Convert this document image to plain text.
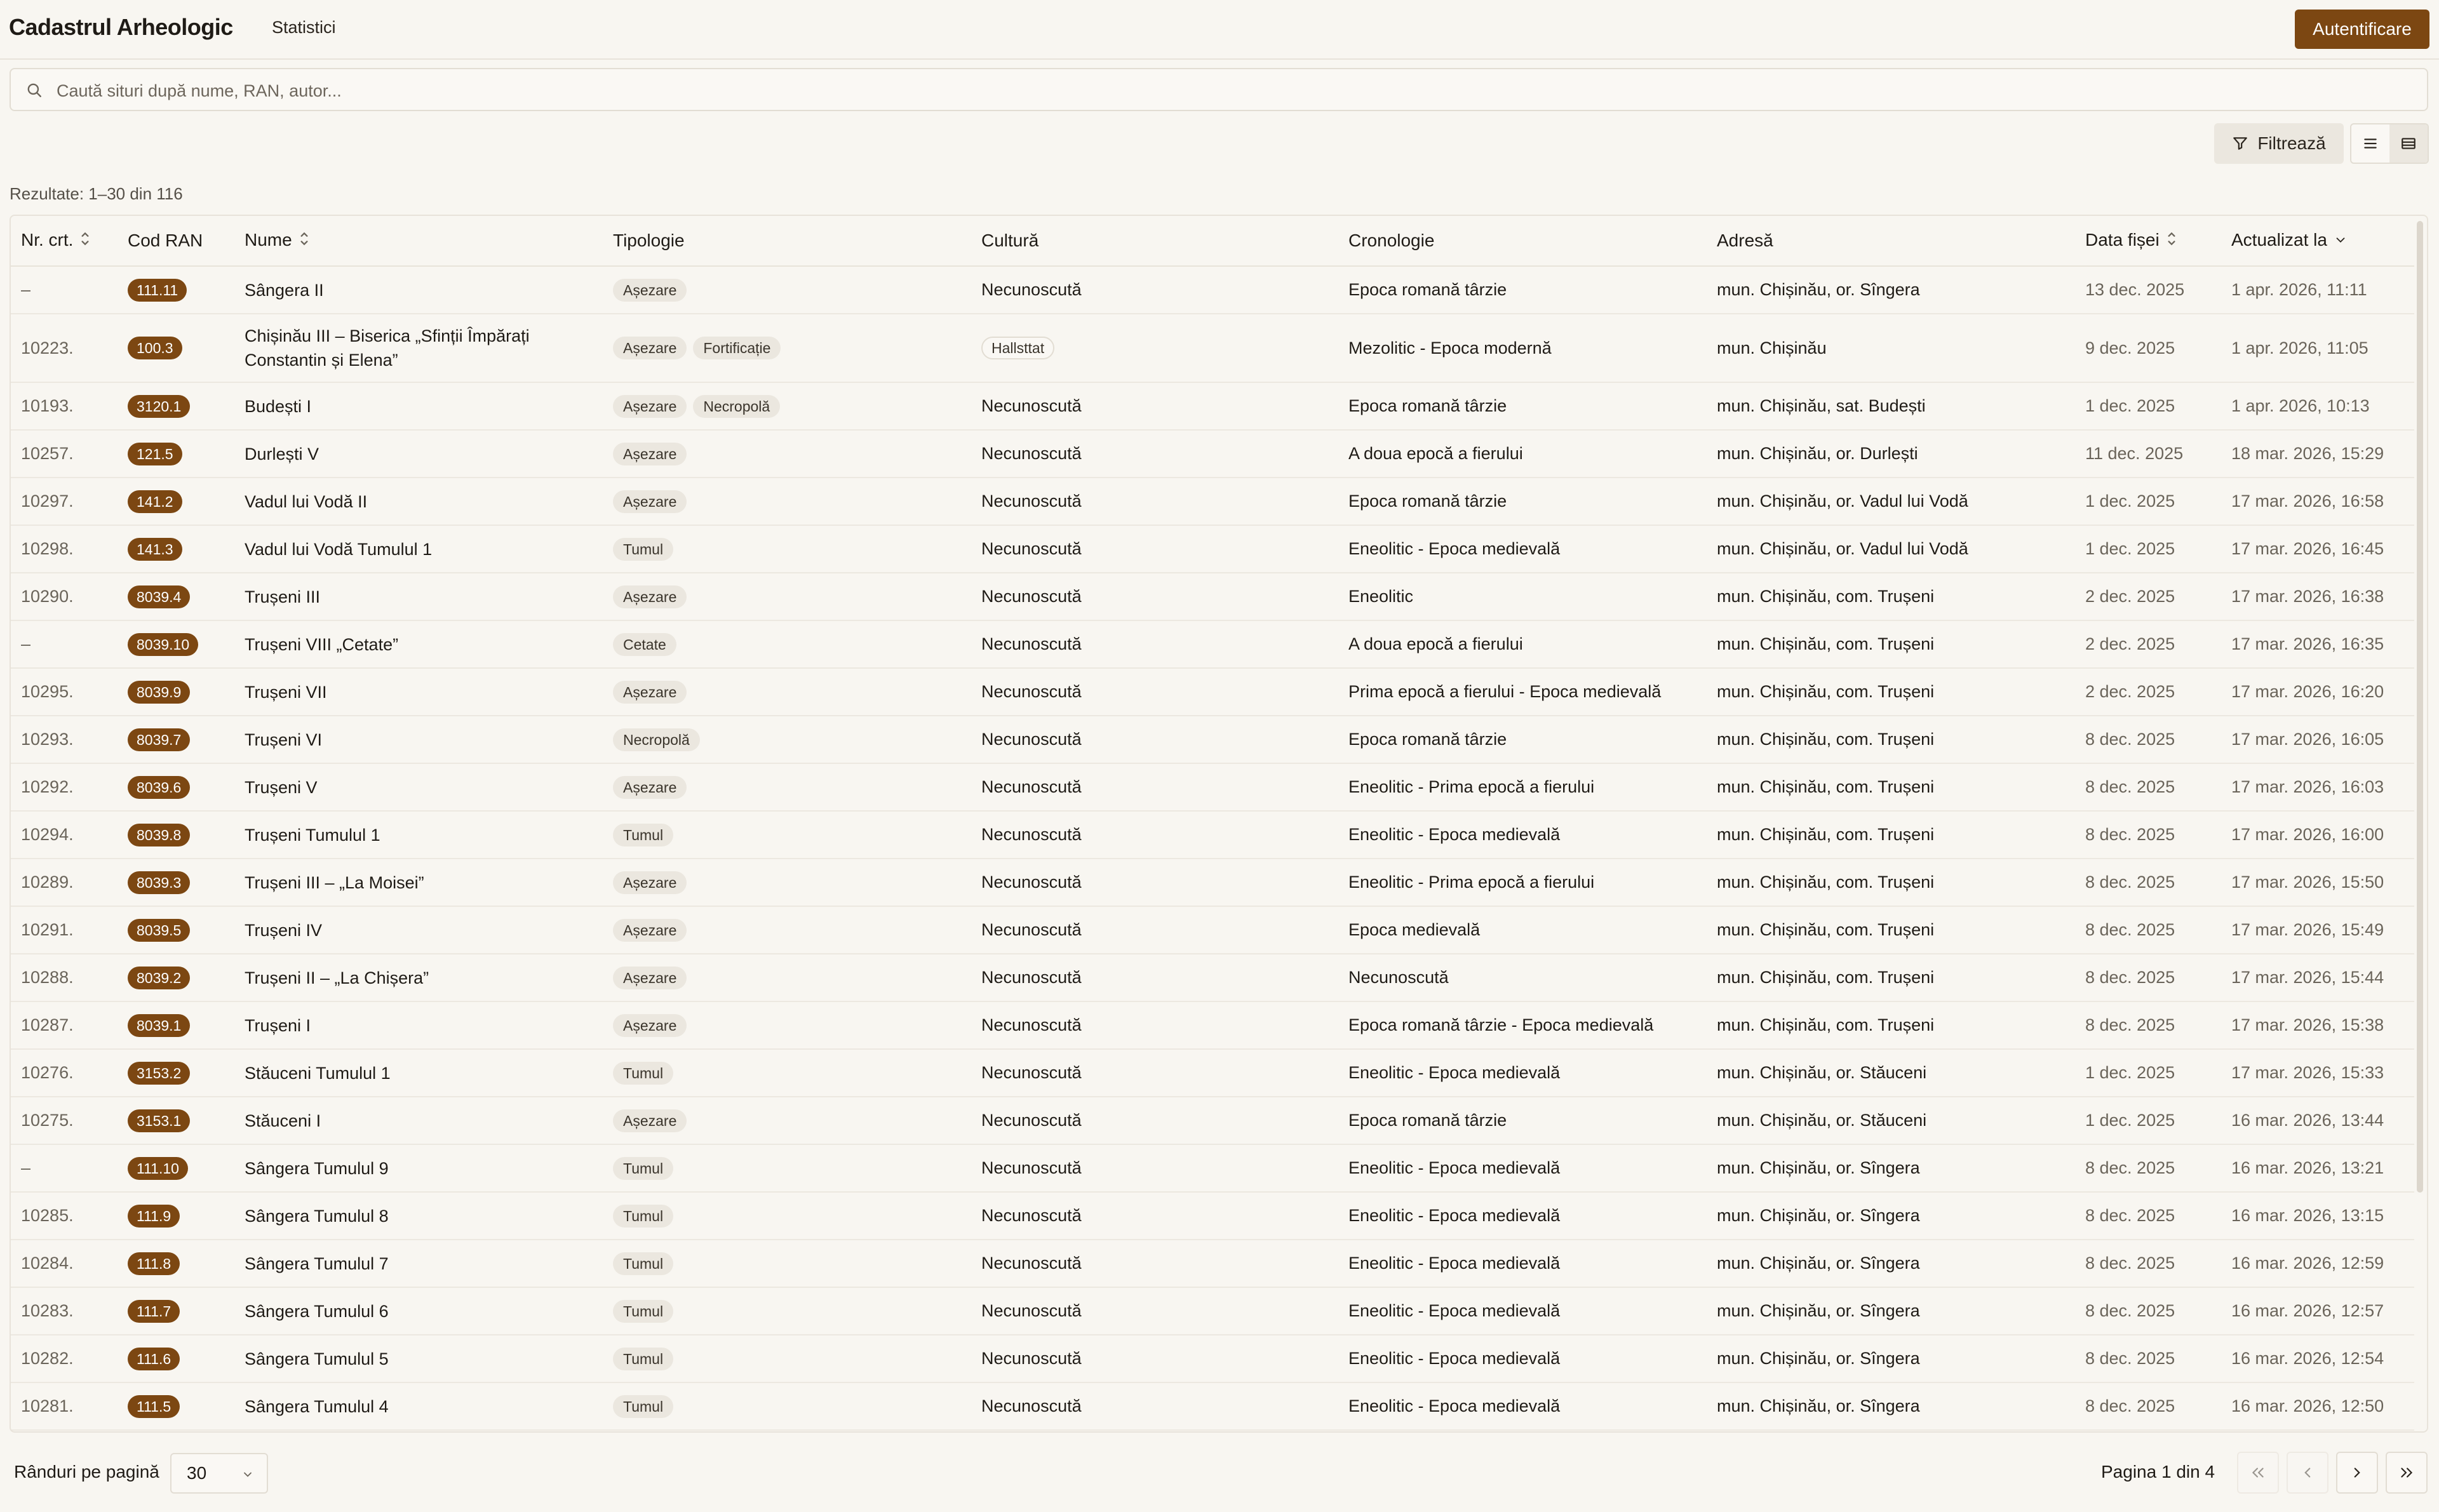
Cadastrul Arheologic Statistici	Autentificare
Caută situri după nume, RAN, autor...
Filtrează
Rezultate: 1–30 din 116
Nr. crt.	Cod RAN	Nume	Tipologie	Cultură	Cronologie	Adresă	Data fișei	Actualizat la
–	111.11	Sângera II	Așezare	Necunoscută	Epoca romană târzie	mun. Chișinău, or. Sîngera	13 dec. 2025	1 apr. 2026, 11:11
10223.	100.3	Chișinău III – Biserica „Sfinții Împărați Constantin și Elena”	Așezare Fortificație	Hallsttat	Mezolitic - Epoca modernă	mun. Chișinău	9 dec. 2025	1 apr. 2026, 11:05
10193.	3120.1	Budești I	Așezare Necropolă	Necunoscută	Epoca romană târzie	mun. Chișinău, sat. Budești	1 dec. 2025	1 apr. 2026, 10:13
10257.	121.5	Durlești V	Așezare	Necunoscută	A doua epocă a fierului	mun. Chișinău, or. Durlești	11 dec. 2025	18 mar. 2026, 15:29
10297.	141.2	Vadul lui Vodă II	Așezare	Necunoscută	Epoca romană târzie	mun. Chișinău, or. Vadul lui Vodă	1 dec. 2025	17 mar. 2026, 16:58
10298.	141.3	Vadul lui Vodă Tumulul 1	Tumul	Necunoscută	Eneolitic - Epoca medievală	mun. Chișinău, or. Vadul lui Vodă	1 dec. 2025	17 mar. 2026, 16:45
10290.	8039.4	Trușeni III	Așezare	Necunoscută	Eneolitic	mun. Chișinău, com. Trușeni	2 dec. 2025	17 mar. 2026, 16:38
–	8039.10	Trușeni VIII „Cetate”	Cetate	Necunoscută	A doua epocă a fierului	mun. Chișinău, com. Trușeni	2 dec. 2025	17 mar. 2026, 16:35
10295.	8039.9	Trușeni VII	Așezare	Necunoscută	Prima epocă a fierului - Epoca medievală	mun. Chișinău, com. Trușeni	2 dec. 2025	17 mar. 2026, 16:20
10293.	8039.7	Trușeni VI	Necropolă	Necunoscută	Epoca romană târzie	mun. Chișinău, com. Trușeni	8 dec. 2025	17 mar. 2026, 16:05
10292.	8039.6	Trușeni V	Așezare	Necunoscută	Eneolitic - Prima epocă a fierului	mun. Chișinău, com. Trușeni	8 dec. 2025	17 mar. 2026, 16:03
10294.	8039.8	Trușeni Tumulul 1	Tumul	Necunoscută	Eneolitic - Epoca medievală	mun. Chișinău, com. Trușeni	8 dec. 2025	17 mar. 2026, 16:00
10289.	8039.3	Trușeni III – „La Moisei”	Așezare	Necunoscută	Eneolitic - Prima epocă a fierului	mun. Chișinău, com. Trușeni	8 dec. 2025	17 mar. 2026, 15:50
10291.	8039.5	Trușeni IV	Așezare	Necunoscută	Epoca medievală	mun. Chișinău, com. Trușeni	8 dec. 2025	17 mar. 2026, 15:49
10288.	8039.2	Trușeni II – „La Chișera”	Așezare	Necunoscută	Necunoscută	mun. Chișinău, com. Trușeni	8 dec. 2025	17 mar. 2026, 15:44
10287.	8039.1	Trușeni I	Așezare	Necunoscută	Epoca romană târzie - Epoca medievală	mun. Chișinău, com. Trușeni	8 dec. 2025	17 mar. 2026, 15:38
10276.	3153.2	Stăuceni Tumulul 1	Tumul	Necunoscută	Eneolitic - Epoca medievală	mun. Chișinău, or. Stăuceni	1 dec. 2025	17 mar. 2026, 15:33
10275.	3153.1	Stăuceni I	Așezare	Necunoscută	Epoca romană târzie	mun. Chișinău, or. Stăuceni	1 dec. 2025	16 mar. 2026, 13:44
–	111.10	Sângera Tumulul 9	Tumul	Necunoscută	Eneolitic - Epoca medievală	mun. Chișinău, or. Sîngera	8 dec. 2025	16 mar. 2026, 13:21
10285.	111.9	Sângera Tumulul 8	Tumul	Necunoscută	Eneolitic - Epoca medievală	mun. Chișinău, or. Sîngera	8 dec. 2025	16 mar. 2026, 13:15
10284.	111.8	Sângera Tumulul 7	Tumul	Necunoscută	Eneolitic - Epoca medievală	mun. Chișinău, or. Sîngera	8 dec. 2025	16 mar. 2026, 12:59
10283.	111.7	Sângera Tumulul 6	Tumul	Necunoscută	Eneolitic - Epoca medievală	mun. Chișinău, or. Sîngera	8 dec. 2025	16 mar. 2026, 12:57
10282.	111.6	Sângera Tumulul 5	Tumul	Necunoscută	Eneolitic - Epoca medievală	mun. Chișinău, or. Sîngera	8 dec. 2025	16 mar. 2026, 12:54
10281.	111.5	Sângera Tumulul 4	Tumul	Necunoscută	Eneolitic - Epoca medievală	mun. Chișinău, or. Sîngera	8 dec. 2025	16 mar. 2026, 12:50
Rânduri pe pagină 30	Pagina 1 din 4
